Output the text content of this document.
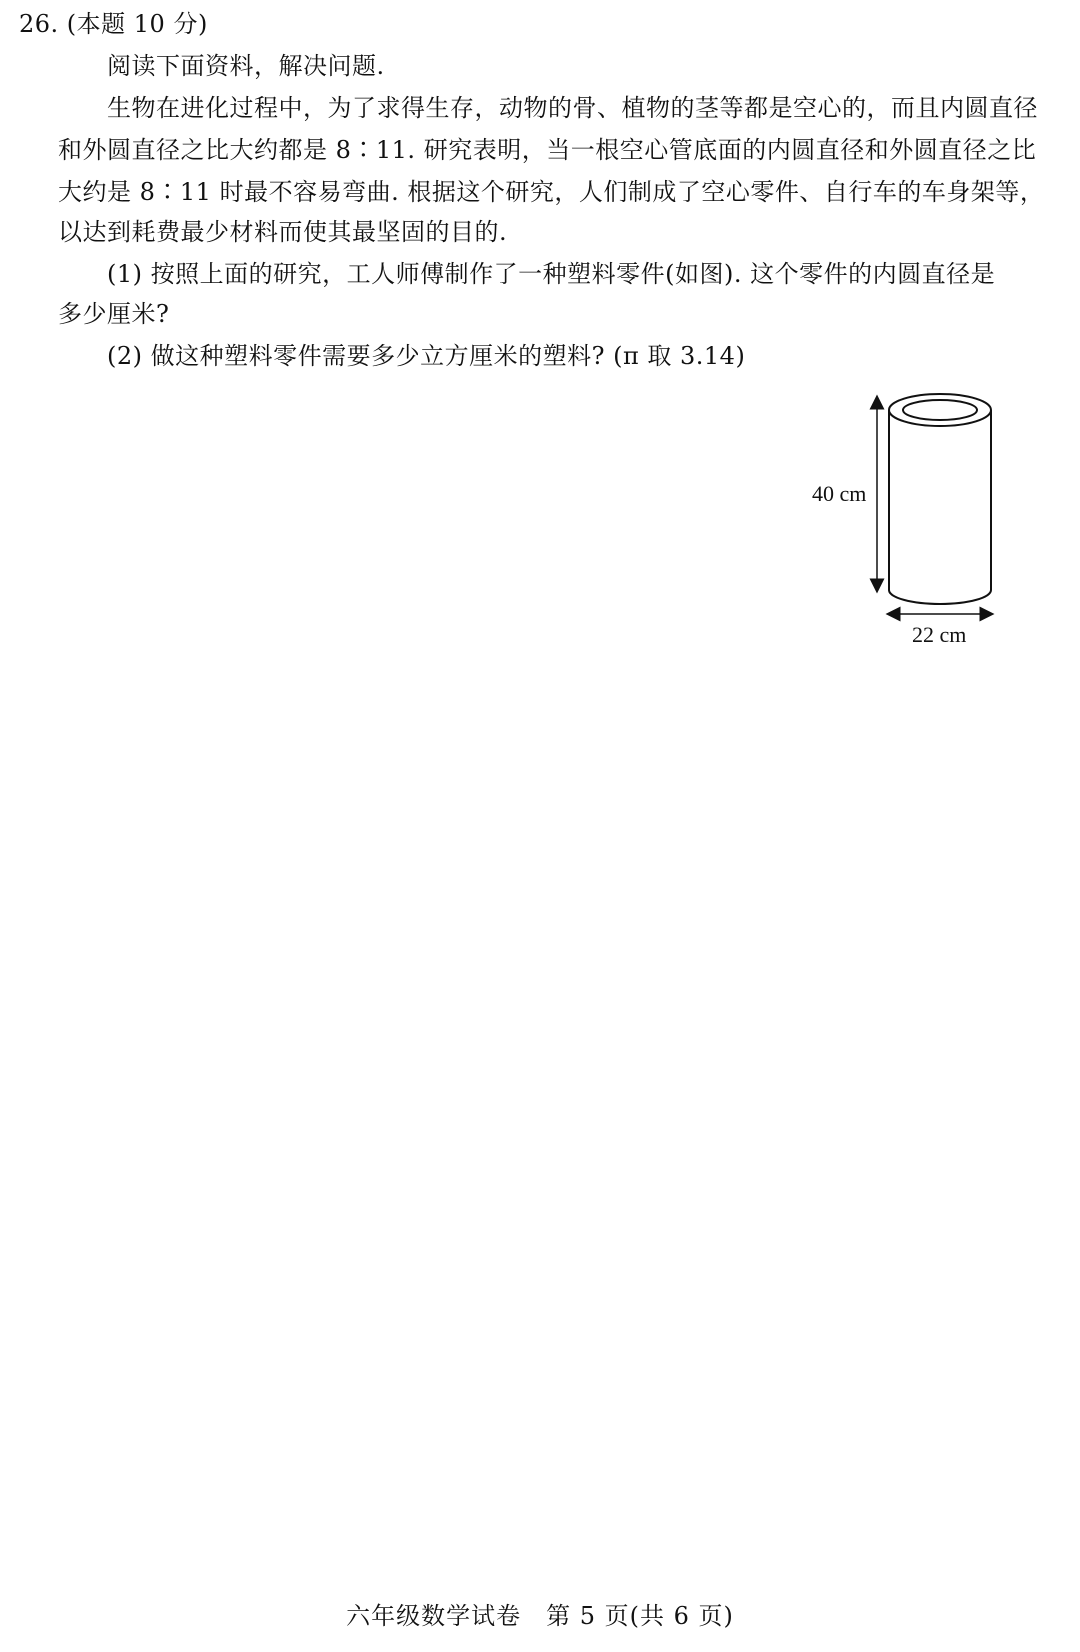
26. (本题 10 分)
阅读下面资料，解决问题.
生物在进化过程中，为了求得生存，动物的骨、植物的茎等都是空心的，而且内圆直径
和外圆直径之比大约都是 8∶11. 研究表明，当一根空心管底面的内圆直径和外圆直径之比
大约是 8∶11 时最不容易弯曲. 根据这个研究，人们制成了空心零件、自行车的车身架等，
以达到耗费最少材料而使其最坚固的目的.
(1) 按照上面的研究，工人师傅制作了一种塑料零件(如图). 这个零件的内圆直径是
多少厘米?
(2) 做这种塑料零件需要多少立方厘米的塑料? (π 取 3.14)
40 cm
22 cm
六年级数学试卷　第 5 页(共 6 页)
